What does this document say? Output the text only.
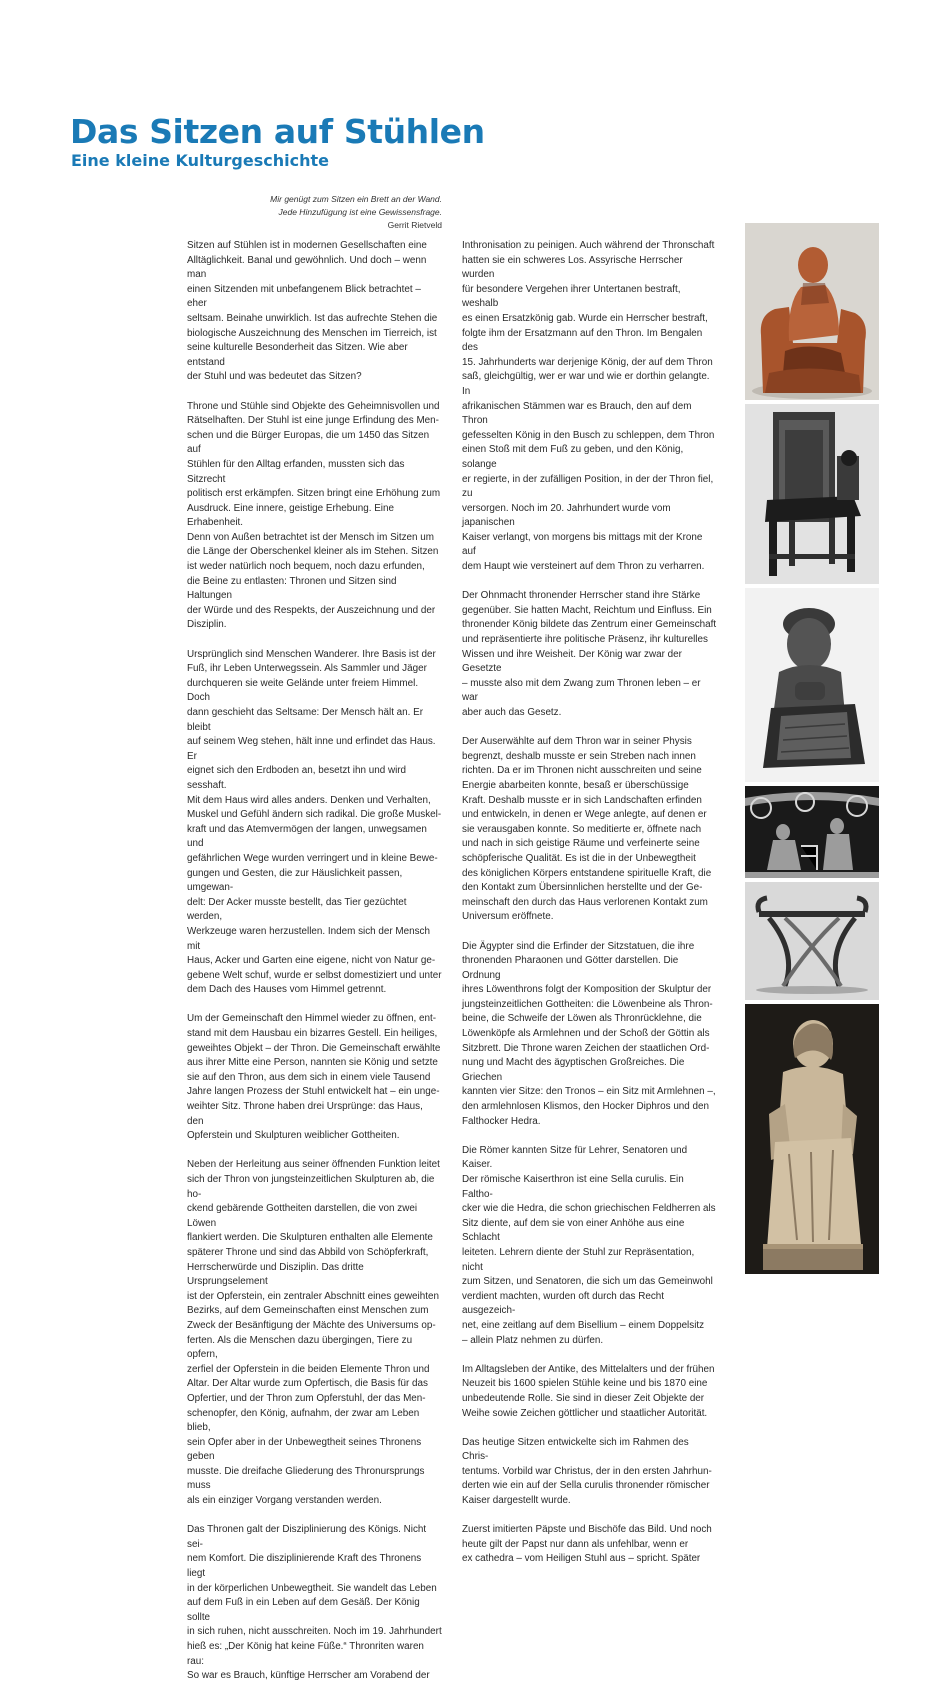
Das Sitzen auf Stühlen
Eine kleine Kulturgeschichte
Mir genügt zum Sitzen ein Brett an der Wand.
Jede Hinzufügung ist eine Gewissensfrage.
Gerrit Rietveld

Sitzen auf Stühlen ist in modernen Gesellschaften eine
Alltäglichkeit. Banal und gewöhnlich. Und doch – wenn man
einen Sitzenden mit unbefangenem Blick betrachtet – eher
seltsam. Beinahe unwirklich. Ist das aufrechte Stehen die
biologische Auszeichnung des Menschen im Tierreich, ist
seine kulturelle Besonderheit das Sitzen. Wie aber entstand
der Stuhl und was bedeutet das Sitzen?

Throne und Stühle sind Objekte des Geheimnisvollen und
Rätselhaften. Der Stuhl ist eine junge Erfindung des Men-
schen und die Bürger Europas, die um 1450 das Sitzen auf
Stühlen für den Alltag erfanden, mussten sich das Sitzrecht
politisch erst erkämpfen. Sitzen bringt eine Erhöhung zum
Ausdruck. Eine innere, geistige Erhebung. Eine Erhabenheit.
Denn von Außen betrachtet ist der Mensch im Sitzen um
die Länge der Oberschenkel kleiner als im Stehen. Sitzen
ist weder natürlich noch bequem, noch dazu erfunden,
die Beine zu entlasten: Thronen und Sitzen sind Haltungen
der Würde und des Respekts, der Auszeichnung und der
Disziplin.

Ursprünglich sind Menschen Wanderer. Ihre Basis ist der
Fuß, ihr Leben Unterwegssein. Als Sammler und Jäger
durchqueren sie weite Gelände unter freiem Himmel. Doch
dann geschieht das Seltsame: Der Mensch hält an. Er bleibt
auf seinem Weg stehen, hält inne und erfindet das Haus. Er
eignet sich den Erdboden an, besetzt ihn und wird sesshaft.
Mit dem Haus wird alles anders. Denken und Verhalten,
Muskel und Gefühl ändern sich radikal. Die große Muskel-
kraft und das Atemvermögen der langen, unwegsamen und
gefährlichen Wege wurden verringert und in kleine Bewe-
gungen und Gesten, die zur Häuslichkeit passen, umgewan-
delt: Der Acker musste bestellt, das Tier gezüchtet werden,
Werkzeuge waren herzustellen. Indem sich der Mensch mit
Haus, Acker und Garten eine eigene, nicht von Natur ge-
gebene Welt schuf, wurde er selbst domestiziert und unter
dem Dach des Hauses vom Himmel getrennt.

Um der Gemeinschaft den Himmel wieder zu öffnen, ent-
stand mit dem Hausbau ein bizarres Gestell. Ein heiliges,
geweihtes Objekt – der Thron. Die Gemeinschaft erwählte
aus ihrer Mitte eine Person, nannten sie König und setzte
sie auf den Thron, aus dem sich in einem viele Tausend
Jahre langen Prozess der Stuhl entwickelt hat – ein unge-
weihter Sitz. Throne haben drei Ursprünge: das Haus, den
Opferstein und Skulpturen weiblicher Gottheiten.

Neben der Herleitung aus seiner öffnenden Funktion leitet
sich der Thron von jungsteinzeitlichen Skulpturen ab, die ho-
ckend gebärende Gottheiten darstellen, die von zwei Löwen
flankiert werden. Die Skulpturen enthalten alle Elemente
späterer Throne und sind das Abbild von Schöpferkraft,
Herrscherwürde und Disziplin. Das dritte Ursprungselement
ist der Opferstein, ein zentraler Abschnitt eines geweihten
Bezirks, auf dem Gemeinschaften einst Menschen zum
Zweck der Besänftigung der Mächte des Universums op-
ferten. Als die Menschen dazu übergingen, Tiere zu opfern,
zerfiel der Opferstein in die beiden Elemente Thron und
Altar. Der Altar wurde zum Opfertisch, die Basis für das
Opfertier, und der Thron zum Opferstuhl, der das Men-
schenopfer, den König, aufnahm, der zwar am Leben blieb,
sein Opfer aber in der Unbewegtheit seines Thronens geben
musste. Die dreifache Gliederung des Thronursprungs muss
als ein einziger Vorgang verstanden werden.

Das Thronen galt der Disziplinierung des Königs. Nicht sei-
nem Komfort. Die disziplinierende Kraft des Thronens liegt
in der körperlichen Unbewegtheit. Sie wandelt das Leben
auf dem Fuß in ein Leben auf dem Gesäß. Der König sollte
in sich ruhen, nicht ausschreiten. Noch im 19. Jahrhundert
hieß es: „Der König hat keine Füße.“ Thronriten waren rau:
So war es Brauch, künftige Herrscher am Vorabend der

Inthronisation zu peinigen. Auch während der Thronschaft
hatten sie ein schweres Los. Assyrische Herrscher wurden
für besondere Vergehen ihrer Untertanen bestraft, weshalb
es einen Ersatzkönig gab. Wurde ein Herrscher bestraft,
folgte ihm der Ersatzmann auf den Thron. Im Bengalen des
15. Jahrhunderts war derjenige König, der auf dem Thron
saß, gleichgültig, wer er war und wie er dorthin gelangte. In
afrikanischen Stämmen war es Brauch, den auf dem Thron
gefesselten König in den Busch zu schleppen, dem Thron
einen Stoß mit dem Fuß zu geben, und den König, solange
er regierte, in der zufälligen Position, in der der Thron fiel, zu
versorgen. Noch im 20. Jahrhundert wurde vom japanischen
Kaiser verlangt, von morgens bis mittags mit der Krone auf
dem Haupt wie versteinert auf dem Thron zu verharren.

Der Ohnmacht thronender Herrscher stand ihre Stärke
gegenüber. Sie hatten Macht, Reichtum und Einfluss. Ein
thronender König bildete das Zentrum einer Gemeinschaft
und repräsentierte ihre politische Präsenz, ihr kulturelles
Wissen und ihre Weisheit. Der König war zwar der Gesetzte
– musste also mit dem Zwang zum Thronen leben – er war
aber auch das Gesetz.

Der Auserwählte auf dem Thron war in seiner Physis
begrenzt, deshalb musste er sein Streben nach innen
richten. Da er im Thronen nicht ausschreiten und seine
Energie abarbeiten konnte, besaß er überschüssige
Kraft. Deshalb musste er in sich Landschaften erfinden
und entwickeln, in denen er Wege anlegte, auf denen er
sie verausgaben konnte. So meditierte er, öffnete nach
und nach in sich geistige Räume und verfeinerte seine
schöpferische Qualität. Es ist die in der Unbewegtheit
des königlichen Körpers entstandene spirituelle Kraft, die
den Kontakt zum Übersinnlichen herstellte und der Ge-
meinschaft den durch das Haus verlorenen Kontakt zum
Universum eröffnete.

Die Ägypter sind die Erfinder der Sitzstatuen, die ihre
thronenden Pharaonen und Götter darstellen. Die Ordnung
ihres Löwenthrons folgt der Komposition der Skulptur der
jungsteinzeitlichen Gottheiten: die Löwenbeine als Thron-
beine, die Schweife der Löwen als Thronrücklehne, die
Löwenköpfe als Armlehnen und der Schoß der Göttin als
Sitzbrett. Die Throne waren Zeichen der staatlichen Ord-
nung und Macht des ägyptischen Großreiches. Die Griechen
kannten vier Sitze: den Tronos – ein Sitz mit Armlehnen –,
den armlehnlosen Klismos, den Hocker Diphros und den
Falthocker Hedra.

Die Römer kannten Sitze für Lehrer, Senatoren und Kaiser.
Der römische Kaiserthron ist eine Sella curulis. Ein Faltho-
cker wie die Hedra, die schon griechischen Feldherren als
Sitz diente, auf dem sie von einer Anhöhe aus eine Schlacht
leiteten. Lehrern diente der Stuhl zur Repräsentation, nicht
zum Sitzen, und Senatoren, die sich um das Gemeinwohl
verdient machten, wurden oft durch das Recht ausgezeich-
net, eine zeitlang auf dem Bisellium – einem Doppelsitz
– allein Platz nehmen zu dürfen.

Im Alltagsleben der Antike, des Mittelalters und der frühen
Neuzeit bis 1600 spielen Stühle keine und bis 1870 eine
unbedeutende Rolle. Sie sind in dieser Zeit Objekte der
Weihe sowie Zeichen göttlicher und staatlicher Autorität.

Das heutige Sitzen entwickelte sich im Rahmen des Chris-
tentums. Vorbild war Christus, der in den ersten Jahrhun-
derten wie ein auf der Sella curulis thronender römischer
Kaiser dargestellt wurde.

Zuerst imitierten Päpste und Bischöfe das Bild. Und noch
heute gilt der Papst nur dann als unfehlbar, wenn er
ex cathedra – vom Heiligen Stuhl aus – spricht. Später
